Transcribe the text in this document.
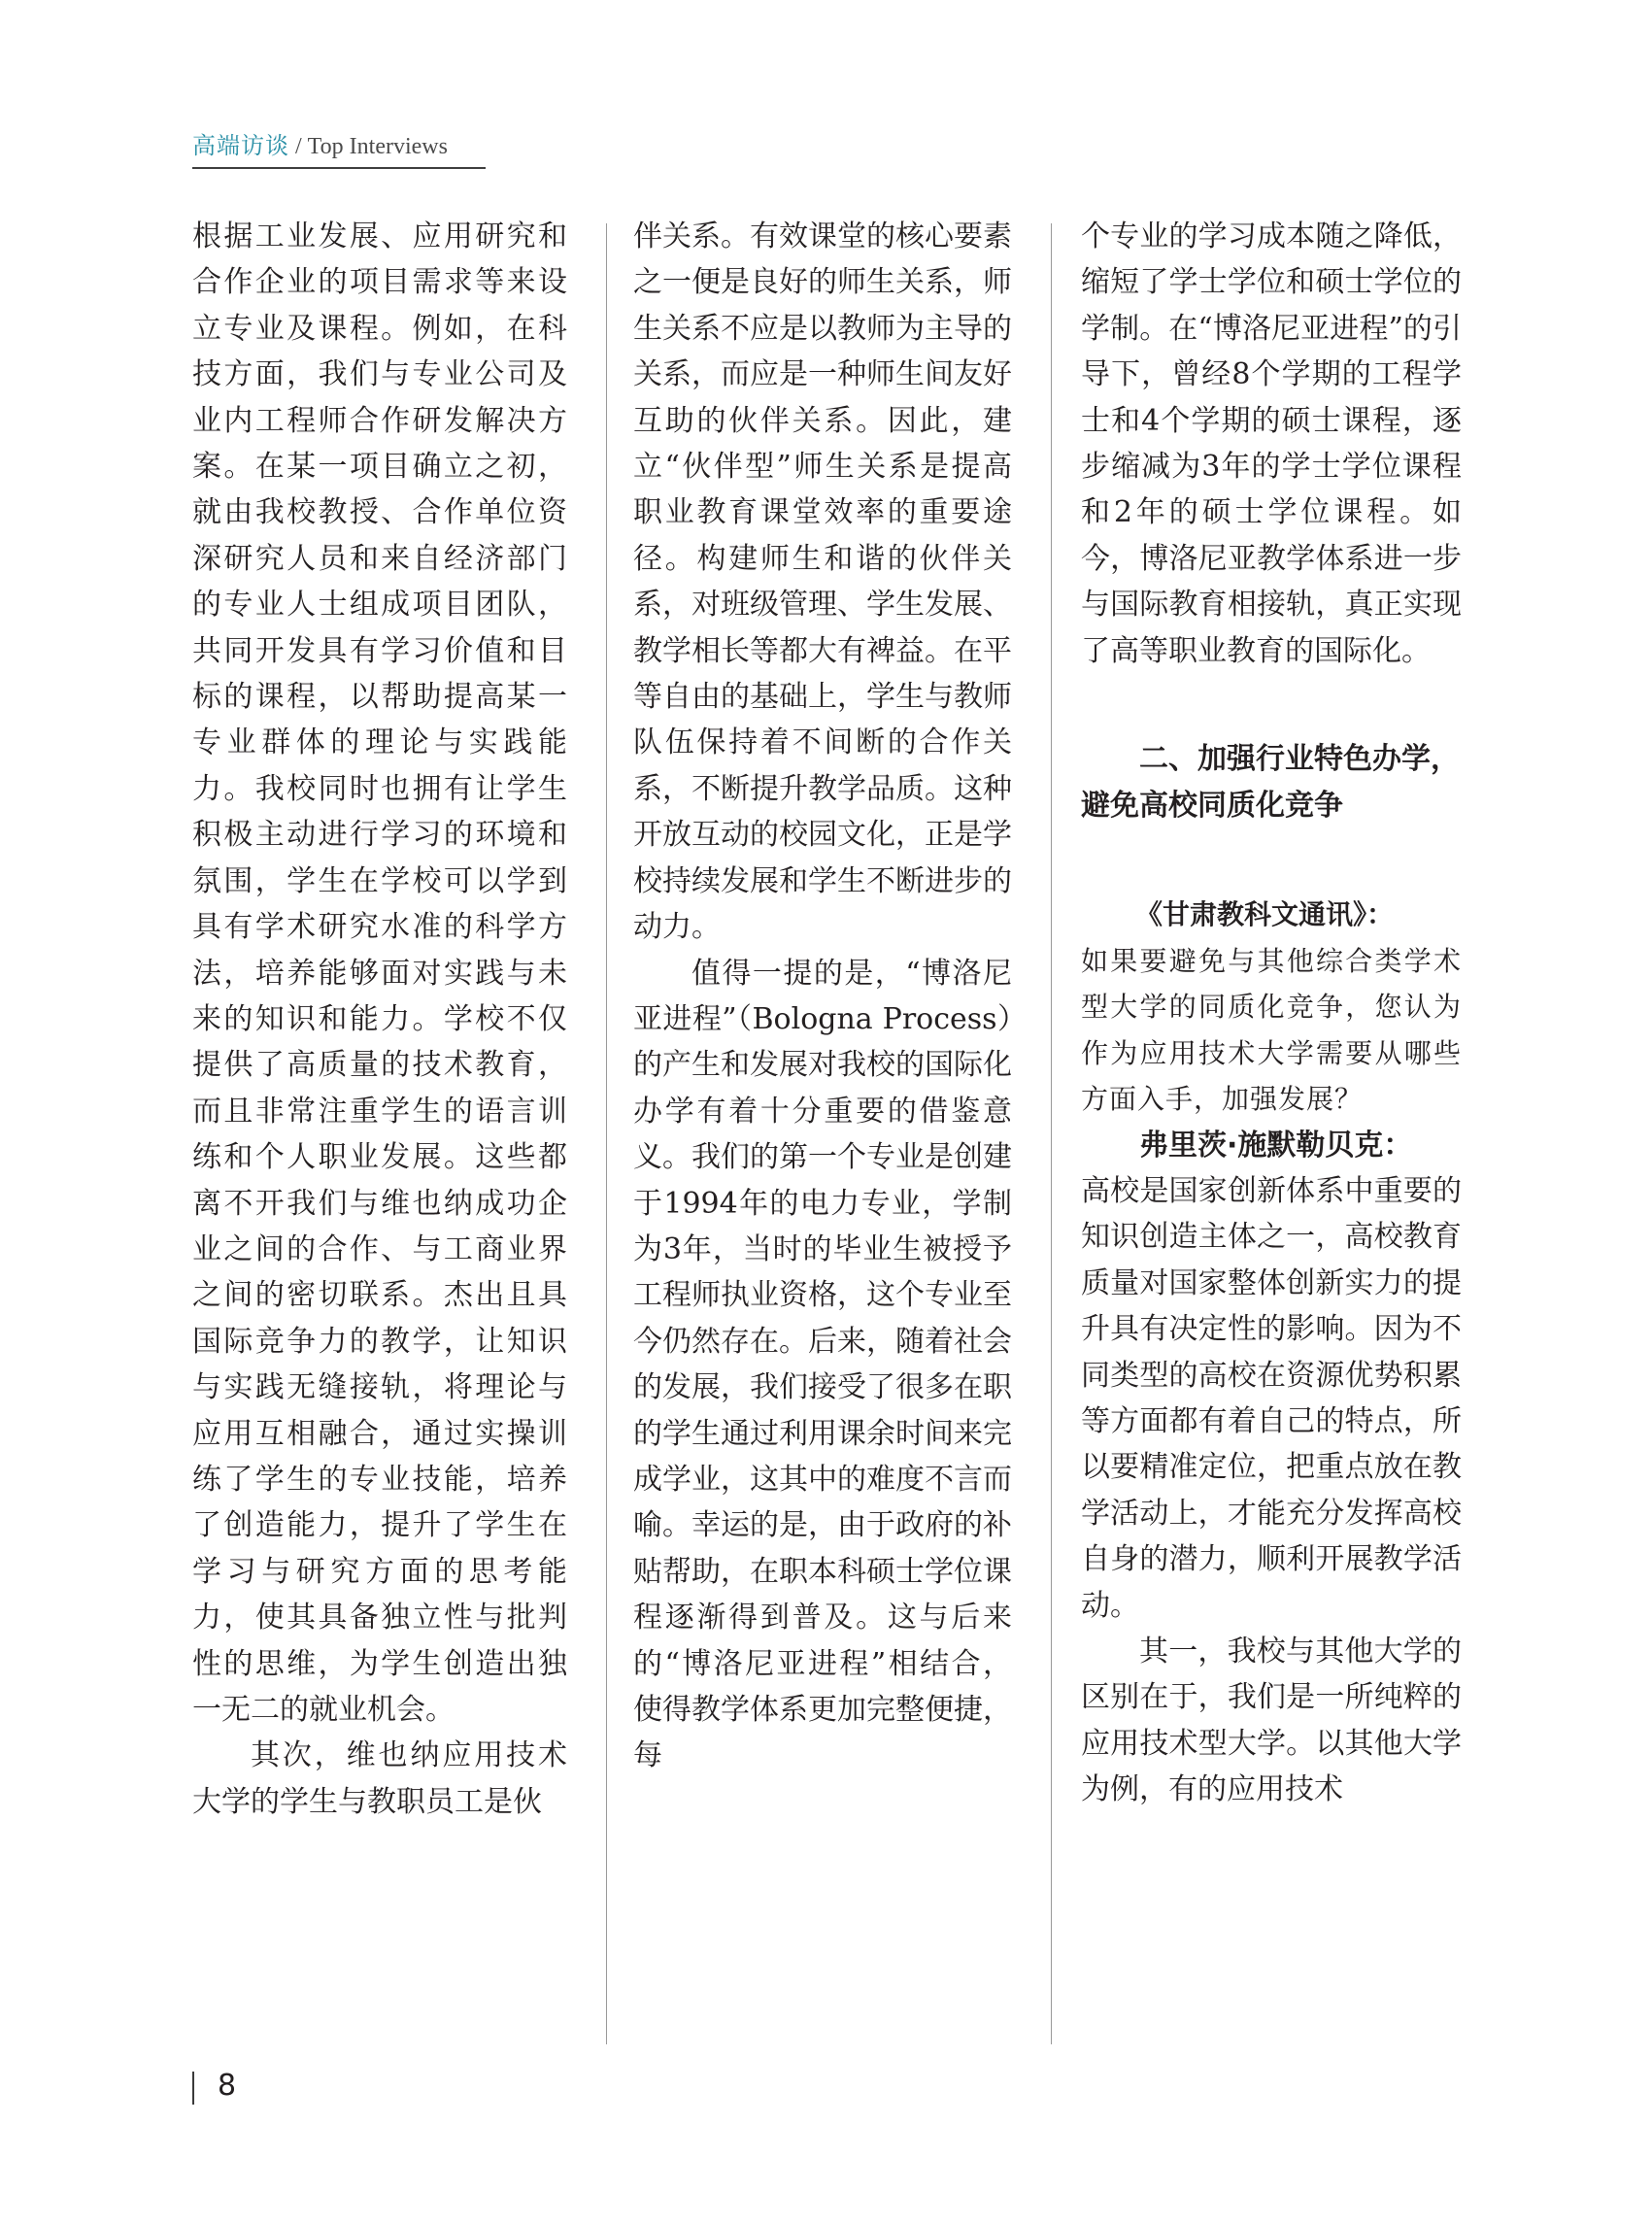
高端访谈 / Top Interviews

根据工业发展、应用研究和合作企业的项目需求等来设立专业及课程。例如，在科技方面，我们与专业公司及业内工程师合作研发解决方案。在某一项目确立之初，就由我校教授、合作单位资深研究人员和来自经济部门的专业人士组成项目团队，共同开发具有学习价值和目标的课程，以帮助提高某一专业群体的理论与实践能力。我校同时也拥有让学生积极主动进行学习的环境和氛围，学生在学校可以学到具有学术研究水准的科学方法，培养能够面对实践与未来的知识和能力。学校不仅提供了高质量的技术教育，而且非常注重学生的语言训练和个人职业发展。这些都离不开我们与维也纳成功企业之间的合作、与工商业界之间的密切联系。杰出且具国际竞争力的教学，让知识与实践无缝接轨，将理论与应用互相融合，通过实操训练了学生的专业技能，培养了创造能力，提升了学生在学习与研究方面的思考能力，使其具备独立性与批判性的思维，为学生创造出独一无二的就业机会。

其次，维也纳应用技术大学的学生与教职员工是伙

伴关系。有效课堂的核心要素之一便是良好的师生关系，师生关系不应是以教师为主导的关系，而应是一种师生间友好互助的伙伴关系。因此，建立“伙伴型”师生关系是提高职业教育课堂效率的重要途径。构建师生和谐的伙伴关系，对班级管理、学生发展、教学相长等都大有裨益。在平等自由的基础上，学生与教师队伍保持着不间断的合作关系，不断提升教学品质。这种开放互动的校园文化，正是学校持续发展和学生不断进步的动力。

值得一提的是，“博洛尼亚进程”（Bologna Process）的产生和发展对我校的国际化办学有着十分重要的借鉴意义。我们的第一个专业是创建于1994年的电力专业，学制为3年，当时的毕业生被授予工程师执业资格，这个专业至今仍然存在。后来，随着社会的发展，我们接受了很多在职的学生通过利用课余时间来完成学业，这其中的难度不言而喻。幸运的是，由于政府的补贴帮助，在职本科硕士学位课程逐渐得到普及。这与后来的“博洛尼亚进程”相结合，使得教学体系更加完整便捷，每

个专业的学习成本随之降低，缩短了学士学位和硕士学位的学制。在“博洛尼亚进程”的引导下，曾经8个学期的工程学士和4个学期的硕士课程，逐步缩减为3年的学士学位课程和2年的硕士学位课程。如今，博洛尼亚教学体系进一步与国际教育相接轨，真正实现了高等职业教育的国际化。

二、加强行业特色办学，

避免高校同质化竞争

《甘肃教科文通讯》：

如果要避免与其他综合类学术型大学的同质化竞争，您认为作为应用技术大学需要从哪些方面入手，加强发展？

弗里茨·施默勒贝克：

高校是国家创新体系中重要的知识创造主体之一，高校教育质量对国家整体创新实力的提升具有决定性的影响。因为不同类型的高校在资源优势积累等方面都有着自己的特点，所以要精准定位，把重点放在教学活动上，才能充分发挥高校自身的潜力，顺利开展教学活动。

其一，我校与其他大学的区别在于，我们是一所纯粹的应用技术型大学。以其他大学为例，有的应用技术

8
